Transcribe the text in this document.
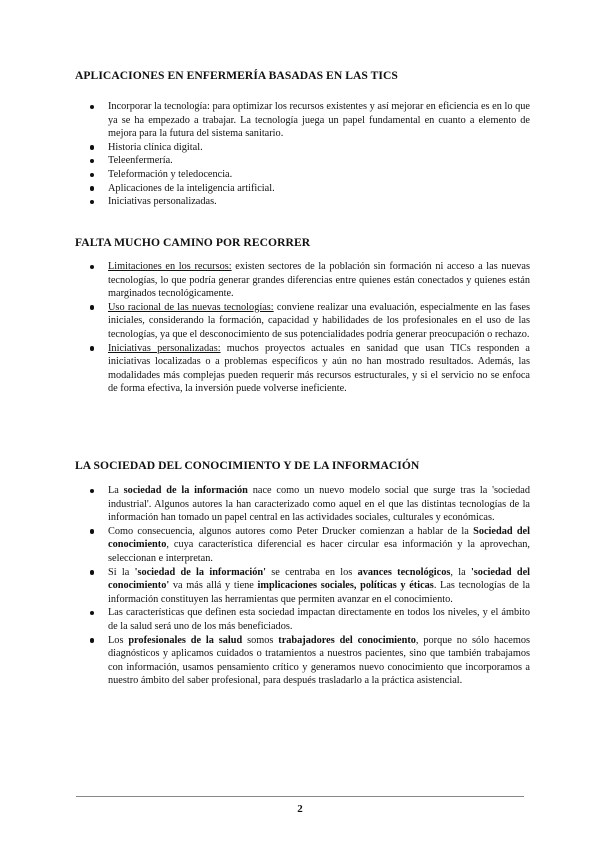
APLICACIONES EN ENFERMERÍA BASADAS EN LAS TICS
Incorporar la tecnología: para optimizar los recursos existentes y así mejorar en eficiencia es en lo que ya se ha empezado a trabajar. La tecnología juega un papel fundamental en cuanto a elemento de mejora para la futura del sistema sanitario.
Historia clínica digital.
Teleenfermería.
Teleformación y teledocencia.
Aplicaciones de la inteligencia artificial.
Iniciativas personalizadas.
FALTA MUCHO CAMINO POR RECORRER
Limitaciones en los recursos: existen sectores de la población sin formación ni acceso a las nuevas tecnologías, lo que podría generar grandes diferencias entre quienes están conectados y quienes están marginados tecnológicamente.
Uso racional de las nuevas tecnologías: conviene realizar una evaluación, especialmente en las fases iniciales, considerando la formación, capacidad y habilidades de los profesionales en el uso de las tecnologías, ya que el desconocimiento de sus potencialidades podría generar preocupación o rechazo.
Iniciativas personalizadas: muchos proyectos actuales en sanidad que usan TICs responden a iniciativas localizadas o a problemas específicos y aún no han mostrado resultados. Además, las modalidades más complejas pueden requerir más recursos estructurales, y si el servicio no se enfoca de forma efectiva, la inversión puede volverse ineficiente.
LA SOCIEDAD DEL CONOCIMIENTO Y DE LA INFORMACIÓN
La sociedad de la información nace como un nuevo modelo social que surge tras la 'sociedad industrial'. Algunos autores la han caracterizado como aquel en el que las distintas tecnologías de la información han tomado un papel central en las actividades sociales, culturales y económicas.
Como consecuencia, algunos autores como Peter Drucker comienzan a hablar de la Sociedad del conocimiento, cuya característica diferencial es hacer circular esa información y la aprovechan, seleccionan e interpretan.
Si la 'sociedad de la información' se centraba en los avances tecnológicos, la 'sociedad del conocimiento' va más allá y tiene implicaciones sociales, políticas y éticas. Las tecnologías de la información constituyen las herramientas que permiten avanzar en el conocimiento.
Las características que definen esta sociedad impactan directamente en todos los niveles, y el ámbito de la salud será uno de los más beneficiados.
Los profesionales de la salud somos trabajadores del conocimiento, porque no sólo hacemos diagnósticos y aplicamos cuidados o tratamientos a nuestros pacientes, sino que también trabajamos con información, usamos pensamiento crítico y generamos nuevo conocimiento que incorporamos a nuestro ámbito del saber profesional, para después trasladarlo a la práctica asistencial.
2
